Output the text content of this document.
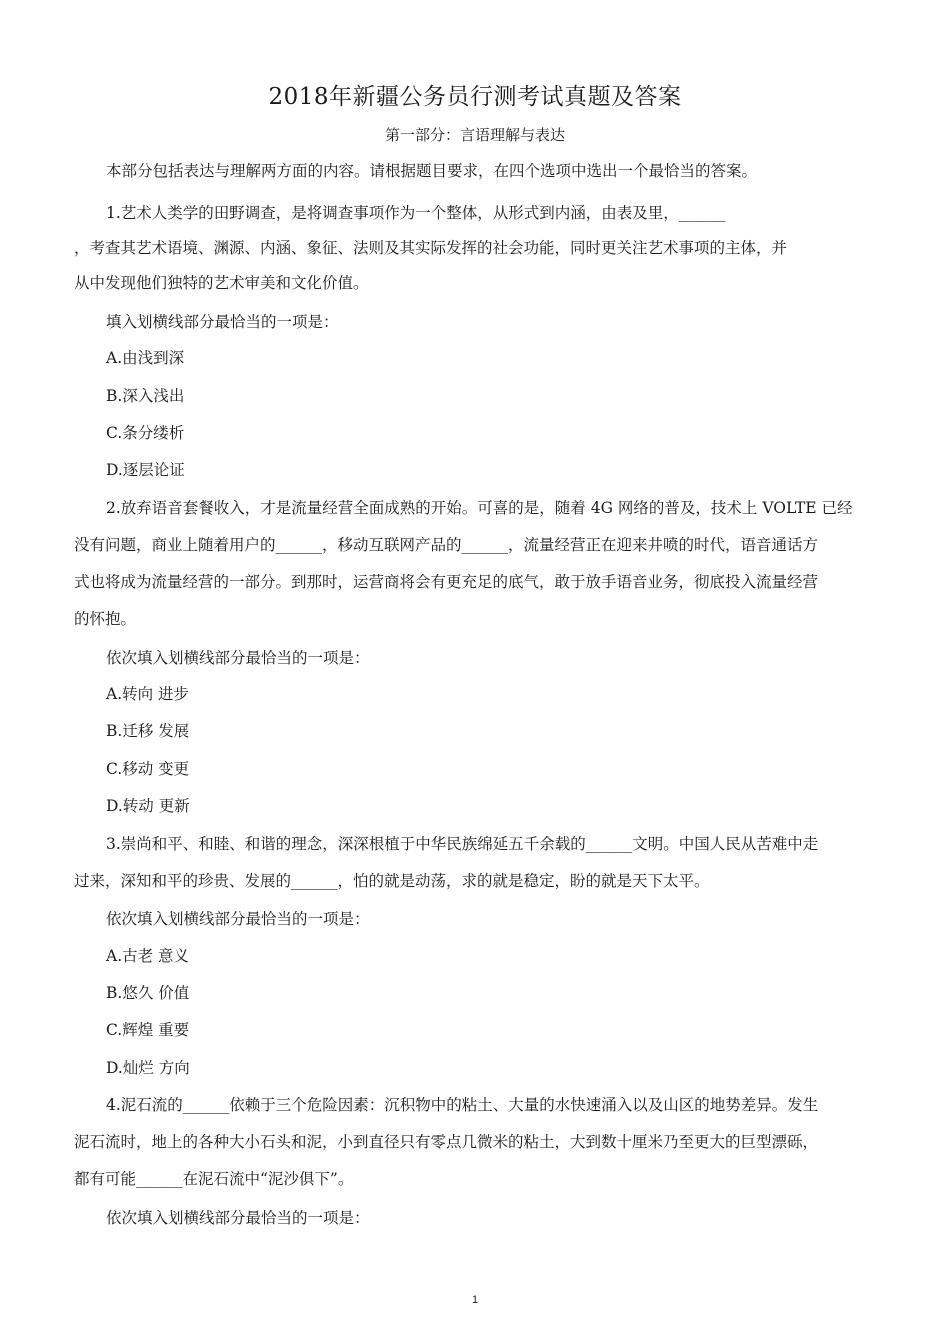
2018年新疆公务员行测考试真题及答案
第一部分：言语理解与表达
本部分包括表达与理解两方面的内容。请根据题目要求，在四个选项中选出一个最恰当的答案。
1.艺术人类学的田野调查，是将调查事项作为一个整体，从形式到内涵，由表及里，______
，考查其艺术语境、渊源、内涵、象征、法则及其实际发挥的社会功能，同时更关注艺术事项的主体，并
从中发现他们独特的艺术审美和文化价值。
填入划横线部分最恰当的一项是：
A.由浅到深
B.深入浅出
C.条分缕析
D.逐层论证
2.放弃语音套餐收入，才是流量经营全面成熟的开始。可喜的是，随着 4G 网络的普及，技术上 VOLTE 已经
没有问题，商业上随着用户的______，移动互联网产品的______，流量经营正在迎来井喷的时代，语音通话方
式也将成为流量经营的一部分。到那时，运营商将会有更充足的底气，敢于放手语音业务，彻底投入流量经营
的怀抱。
依次填入划横线部分最恰当的一项是：
A.转向 进步
B.迁移 发展
C.移动 变更
D.转动 更新
3.崇尚和平、和睦、和谐的理念，深深根植于中华民族绵延五千余载的______文明。中国人民从苦难中走
过来，深知和平的珍贵、发展的______，怕的就是动荡，求的就是稳定，盼的就是天下太平。
依次填入划横线部分最恰当的一项是：
A.古老 意义
B.悠久 价值
C.辉煌 重要
D.灿烂 方向
4.泥石流的______依赖于三个危险因素：沉积物中的粘土、大量的水快速涌入以及山区的地势差异。发生
泥石流时，地上的各种大小石头和泥，小到直径只有零点几微米的粘土，大到数十厘米乃至更大的巨型漂砾，
都有可能______在泥石流中“泥沙俱下”。
依次填入划横线部分最恰当的一项是：
1
